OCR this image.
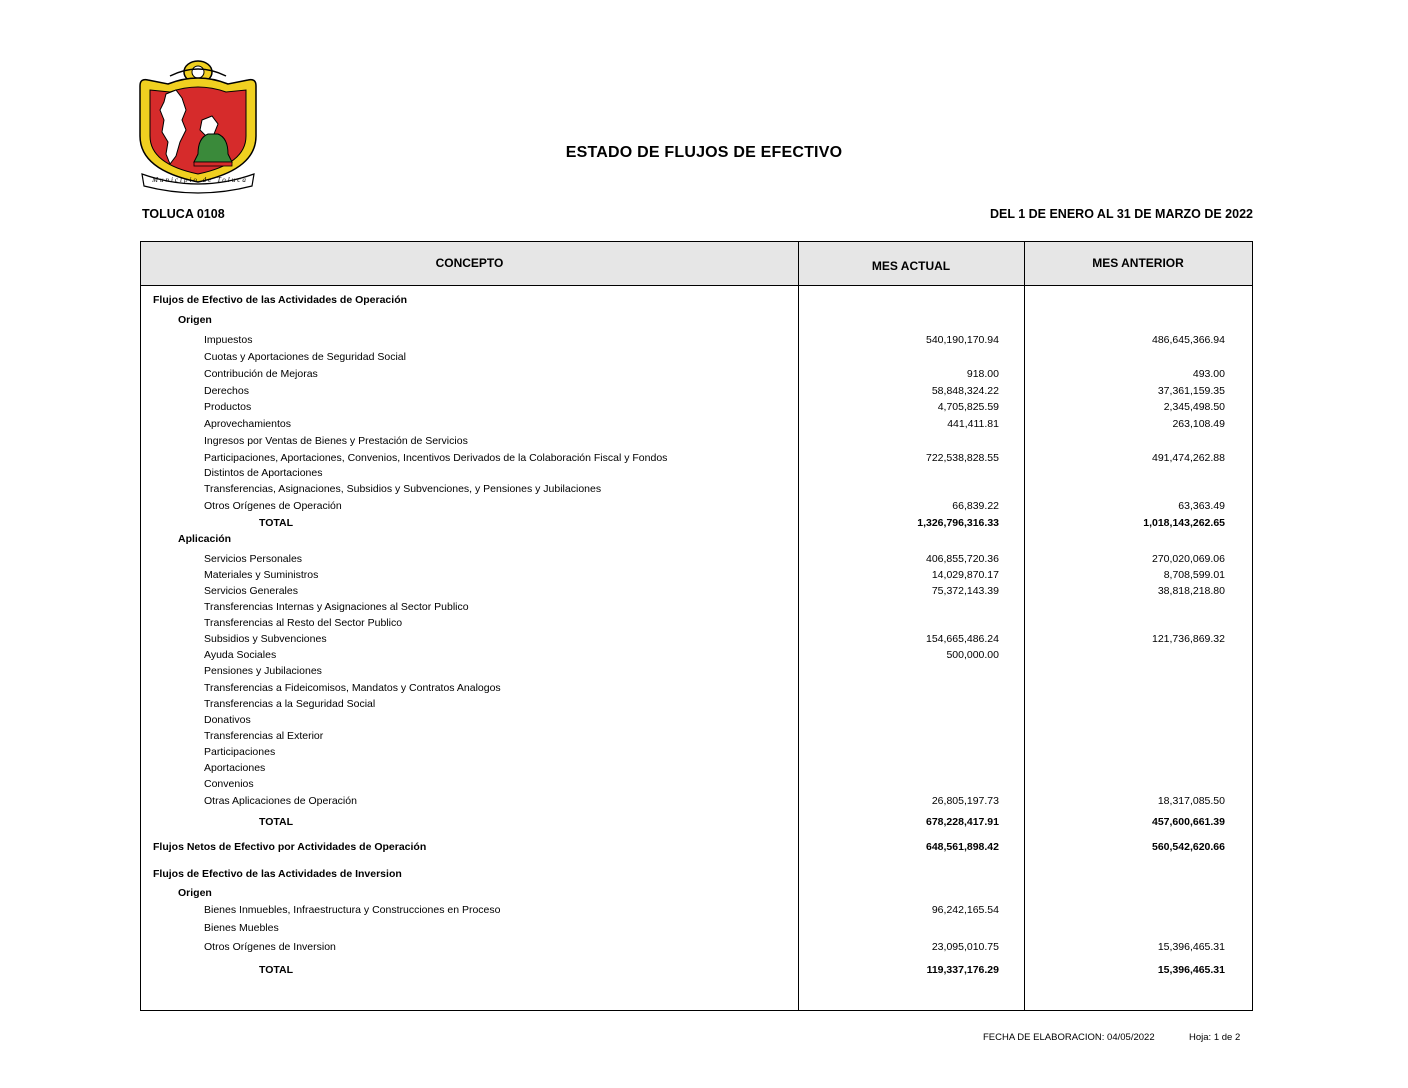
Municipio de Toluca
ESTADO DE FLUJOS DE EFECTIVO
TOLUCA 0108	DEL 1 DE ENERO AL 31 DE MARZO DE 2022
CONCEPTO	MES ACTUAL	MES ANTERIOR
Flujos de Efectivo de las Actividades de Operación
Origen
Impuestos	540,190,170.94	486,645,366.94
Cuotas y Aportaciones de Seguridad Social
Contribución de Mejoras	918.00	493.00
Derechos	58,848,324.22	37,361,159.35
Productos	4,705,825.59	2,345,498.50
Aprovechamientos	441,411.81	263,108.49
Ingresos por Ventas de Bienes y Prestación de Servicios
Participaciones, Aportaciones, Convenios, Incentivos Derivados de la Colaboración Fiscal y Fondos	722,538,828.55	491,474,262.88
Distintos de Aportaciones
Transferencias, Asignaciones, Subsidios y Subvenciones, y Pensiones y Jubilaciones
Otros Orígenes de Operación	66,839.22	63,363.49
TOTAL	1,326,796,316.33	1,018,143,262.65
Aplicación
Servicios Personales	406,855,720.36	270,020,069.06
Materiales y Suministros	14,029,870.17	8,708,599.01
Servicios Generales	75,372,143.39	38,818,218.80
Transferencias Internas y Asignaciones al Sector Publico
Transferencias al Resto del Sector Publico
Subsidios y Subvenciones	154,665,486.24	121,736,869.32
Ayuda Sociales	500,000.00
Pensiones y Jubilaciones
Transferencias a Fideicomisos, Mandatos y Contratos Analogos
Transferencias a la Seguridad Social
Donativos
Transferencias al Exterior
Participaciones
Aportaciones
Convenios
Otras Aplicaciones de Operación	26,805,197.73	18,317,085.50
TOTAL	678,228,417.91	457,600,661.39
Flujos Netos de Efectivo por Actividades de Operación	648,561,898.42	560,542,620.66
Flujos de Efectivo de las Actividades de Inversion
Origen
Bienes Inmuebles, Infraestructura y Construcciones en Proceso	96,242,165.54
Bienes Muebles
Otros Orígenes de Inversion	23,095,010.75	15,396,465.31
TOTAL	119,337,176.29	15,396,465.31
FECHA DE ELABORACION: 04/05/2022	Hoja: 1 de 2
